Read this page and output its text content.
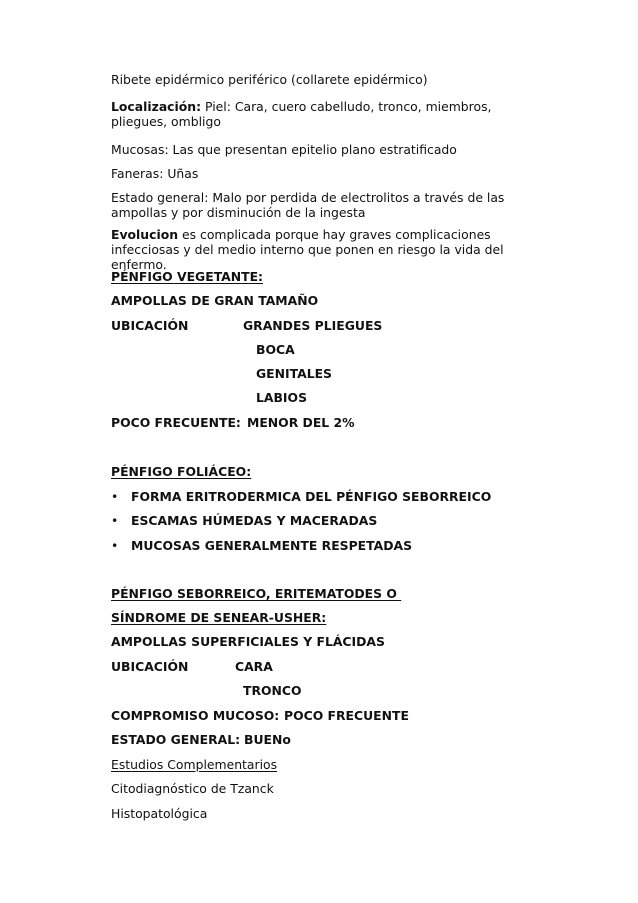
Ribete epidérmico periférico (collarete epidérmico)
Localización: Piel: Cara, cuero cabelludo, tronco, miembros, pliegues, ombligo
Mucosas: Las que presentan epitelio plano estratificado
Faneras: Uñas
Estado general: Malo por perdida de electrolitos a través de las ampollas y por disminución de la ingesta
Evolucion es complicada porque hay graves complicaciones infecciosas y del medio interno que ponen en riesgo la vida del enfermo.
PÉNFIGO VEGETANTE:
AMPOLLAS DE GRAN TAMAÑO
UBICACIÓN	GRANDES PLIEGUES
BOCA
GENITALES
LABIOS
POCO FRECUENTE: MENOR DEL 2%
PÉNFIGO FOLIÁCEO:
• FORMA ERITRODERMICA DEL PÉNFIGO SEBORREICO
• ESCAMAS HÚMEDAS Y MACERADAS
• MUCOSAS GENERALMENTE RESPETADAS
PÉNFIGO SEBORREICO, ERITEMATODES O
SÍNDROME DE SENEAR-USHER:
AMPOLLAS SUPERFICIALES Y FLÁCIDAS
UBICACIÓN	CARA
TRONCO
COMPROMISO MUCOSO: POCO FRECUENTE
ESTADO GENERAL: BUENo
Estudios Complementarios
Citodiagnóstico de Tzanck
Histopatológica
